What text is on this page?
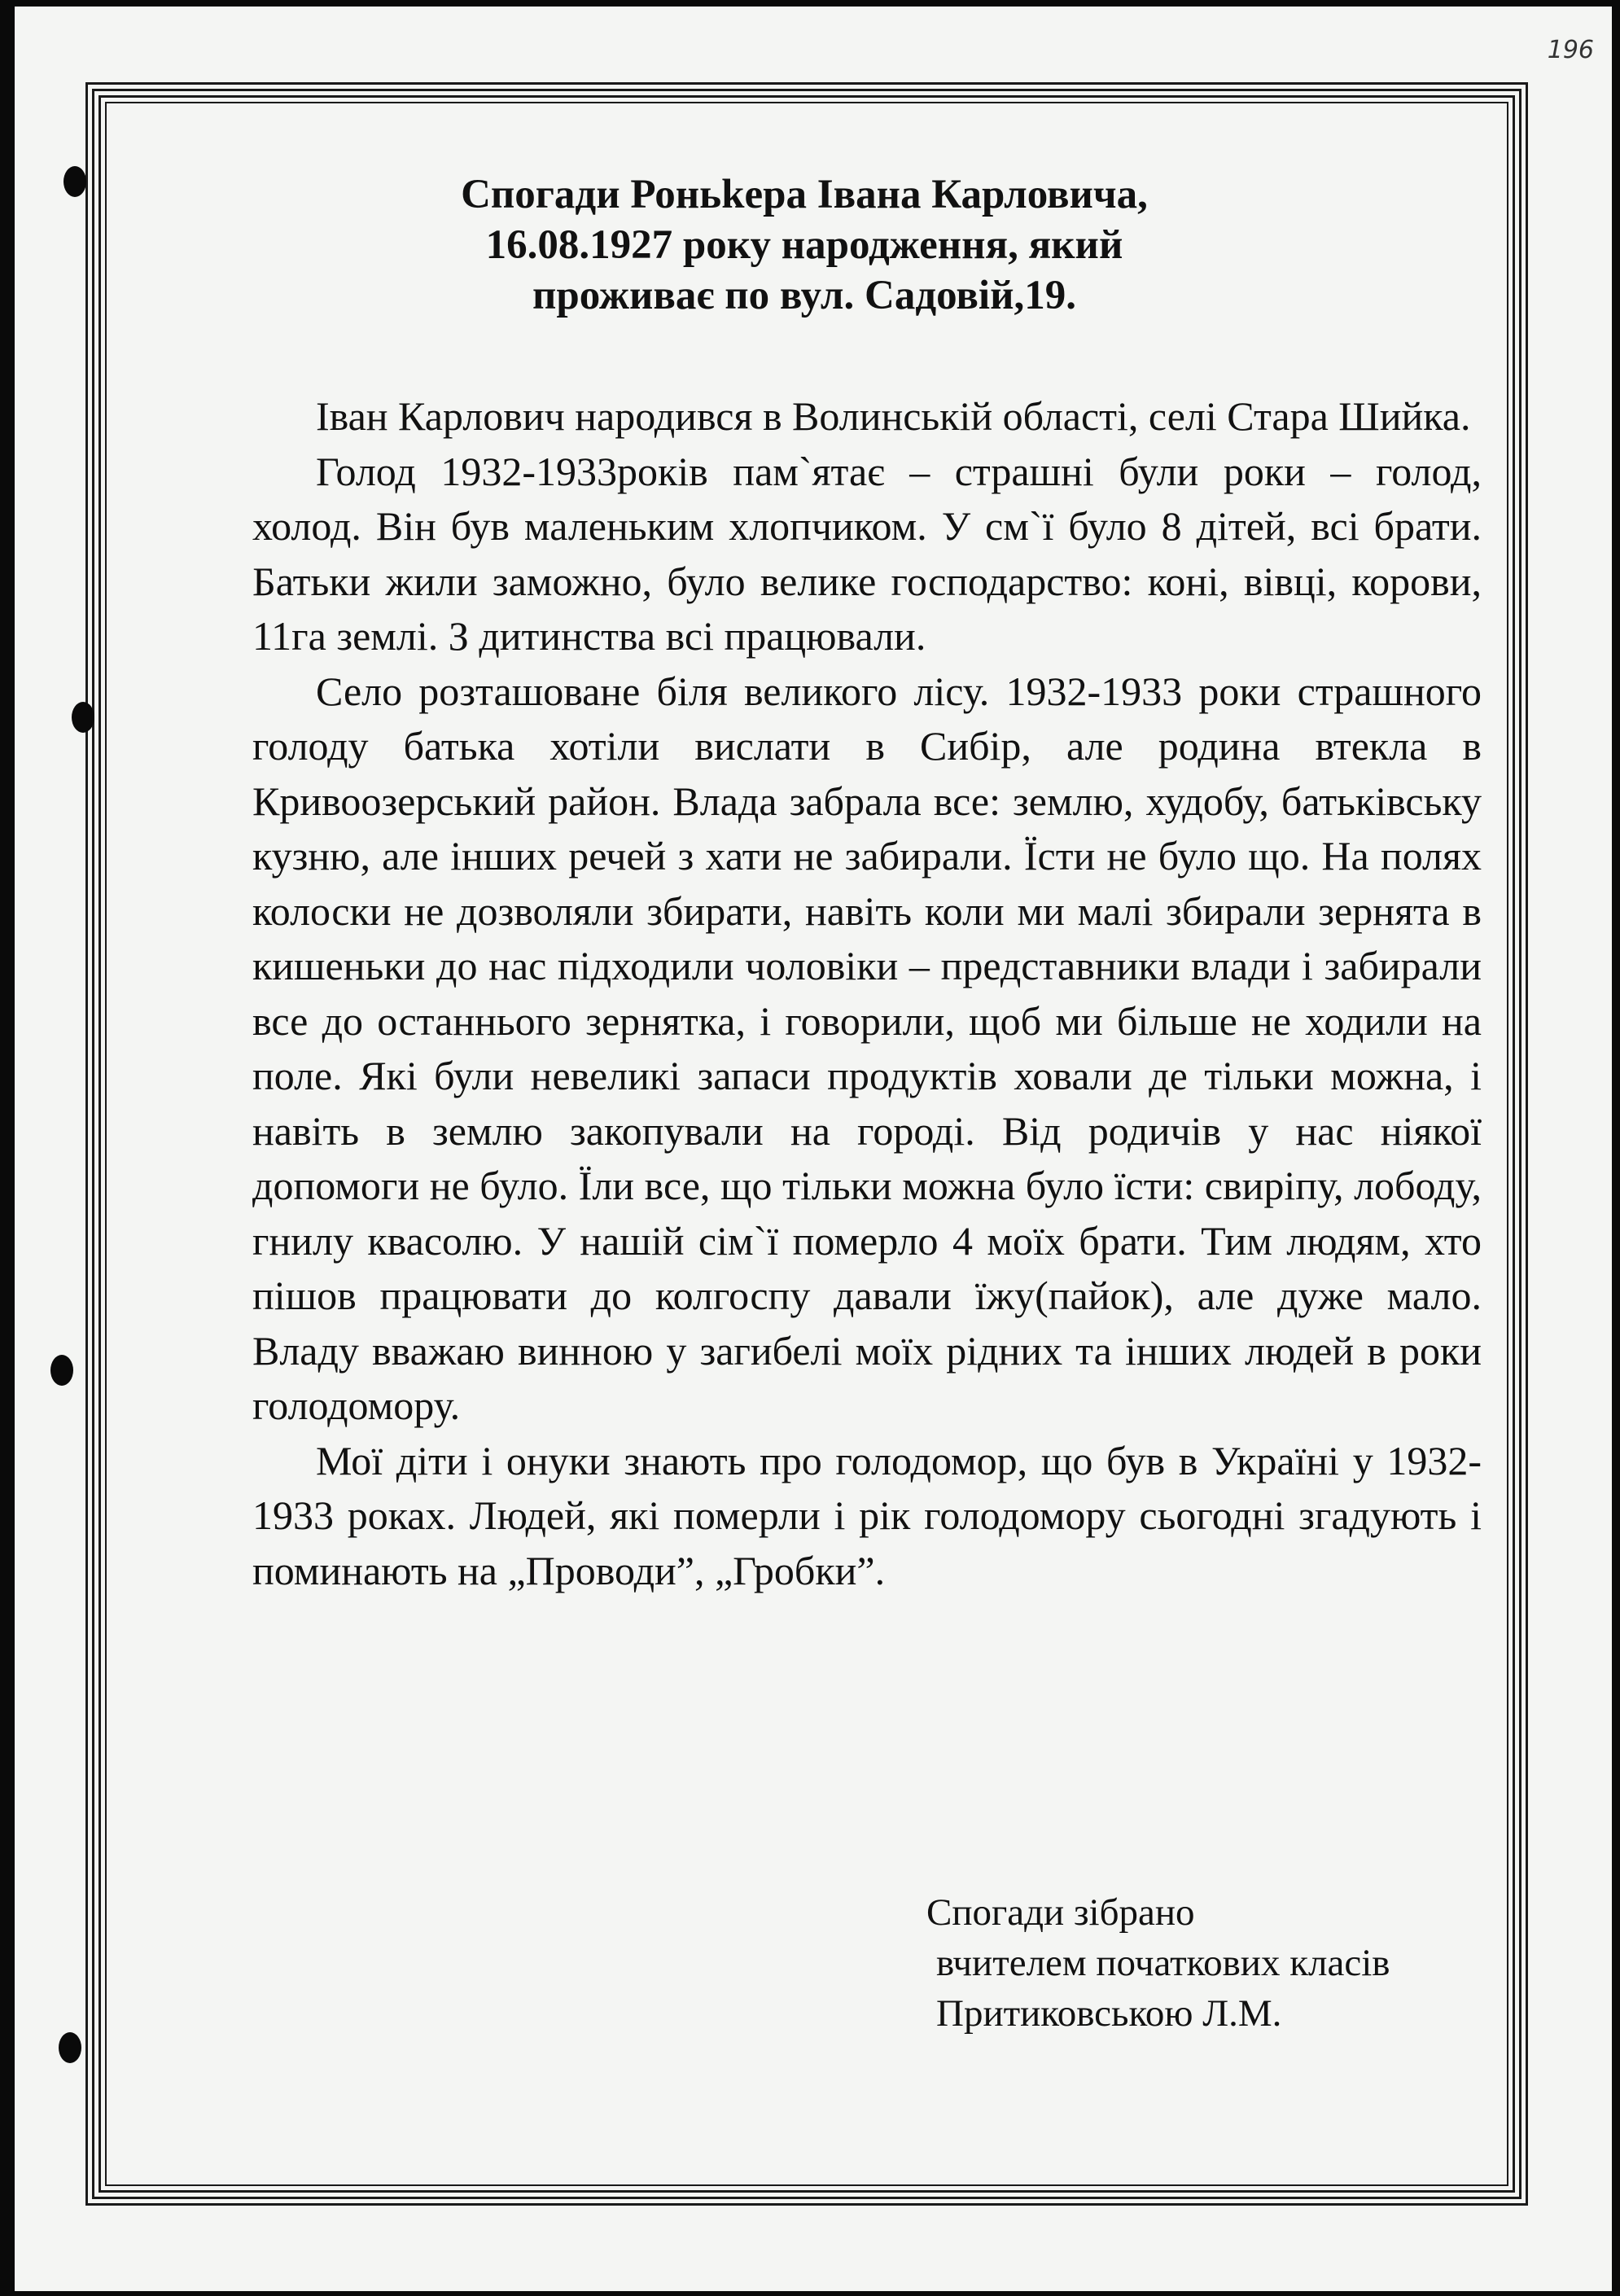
196
Спогади Роньkера Івана Карловича,
16.08.1927 року народження, який
проживає по вул. Садовій,19.

Іван Карлович народився в Волинській області, селі Стара Шийка.

Голод 1932-1933років пам`ятає – страшні були роки – голод, холод. Він був маленьким хлопчиком. У см`ї було 8 дітей, всі брати. Батьки жили заможно, було велике господарство: коні, вівці, корови, 11га землі. З дитинства всі працювали.

Село розташоване біля великого лісу. 1932-1933 роки страшного голоду батька хотіли вислати в Сибір, але родина втекла в Кривоозерський район. Влада забрала все: землю, худобу, батьківську кузню, але інших речей з хати не забирали. Їсти не було що. На полях колоски не дозволяли збирати, навіть коли ми малі збирали зернята в кишеньки до нас підходили чоловіки – представники влади і забирали все до останнього зернятка, і говорили, щоб ми більше не ходили на поле. Які були невеликі запаси продуктів ховали де тільки можна, і навіть в землю закопували на городі. Від родичів у нас ніякої допомоги не було. Їли все, що тільки можна було їсти: свиріпу, лободу, гнилу квасолю. У нашій сім`ї померло 4 моїх брати. Тим людям, хто пішов працювати до колгоспу давали їжу(пайок), але дуже мало. Владу вважаю винною у загибелі моїх рідних та інших людей в роки голодомору.

Мої діти і онуки знають про голодомор, що був в Україні у 1932-1933 роках. Людей, які померли і рік голодомору сьогодні згадують і поминають на „Проводи”, „Гробки”.

Спогади зібрано
вчителем початкових класів
Притиковською Л.М.
